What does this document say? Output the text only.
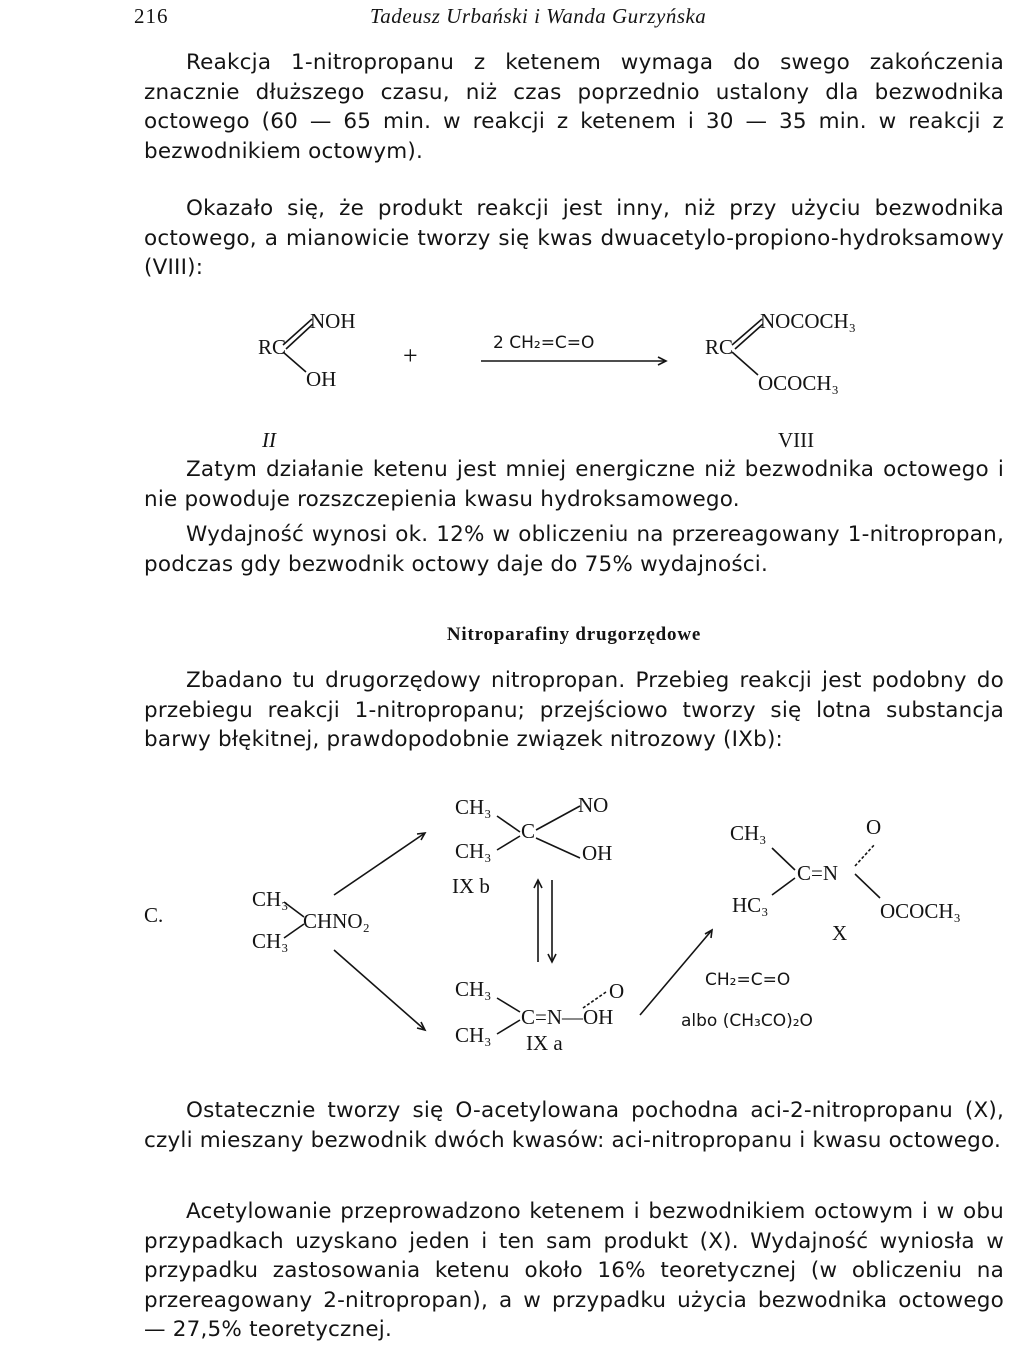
216	Tadeusz Urbański i Wanda Gurzyńska

Reakcja 1-nitropropanu z ketenem wymaga do swego zakończenia znacznie dłuższego czasu, niż czas poprzednio ustalony dla bezwodnika octowego (60 — 65 min. w reakcji z ketenem i 30 — 35 min. w reakcji z bezwodnikiem octowym).

Okazało się, że produkt reakcji jest inny, niż przy użyciu bezwodnika octowego, a mianowicie tworzy się kwas dwuacetylo-propiono-hydroksamowy (VIII):

RC
NOH
OH
+	2 CH₂=C=O	RC
NOCOCH₃
OCOCH₃
II	VIII

Zatym działanie ketenu jest mniej energiczne niż bezwodnika octowego i nie powoduje rozszczepienia kwasu hydroksamowego.

Wydajność wynosi ok. 12% w obliczeniu na przereagowany 1-nitropropan, podczas gdy bezwodnik octowy daje do 75% wydajności.

Nitroparafiny drugorzędowe

Zbadano tu drugorzędowy nitropropan. Przebieg reakcji jest podobny do przebiegu reakcji 1-nitropropanu; przejściowo tworzy się lotna substancja barwy błękitnej, prawdopodobnie związek nitrozowy (IXb):

C.
CH₃
CH₃
CHNO₂
CH₃
C
CH₃
NO
OH
IX b
CH₃
CH₃
C=N—OH
O
IX a
CH₃
C=N
O
OCOCH₃
HC₃
X
CH₂=C=O
albo (CH₃CO)₂O

Ostatecznie tworzy się O-acetylowana pochodna aci-2-nitropropanu (X), czyli mieszany bezwodnik dwóch kwasów: aci-nitropropanu i kwasu octowego.

Acetylowanie przeprowadzono ketenem i bezwodnikiem octowym i w obu przypadkach uzyskano jeden i ten sam produkt (X). Wydajność wyniosła w przypadku zastosowania ketenu około 16% teoretycznej (w obliczeniu na przereagowany 2-nitropropan), a w przypadku użycia bezwodnika octowego — 27,5% teoretycznej.
